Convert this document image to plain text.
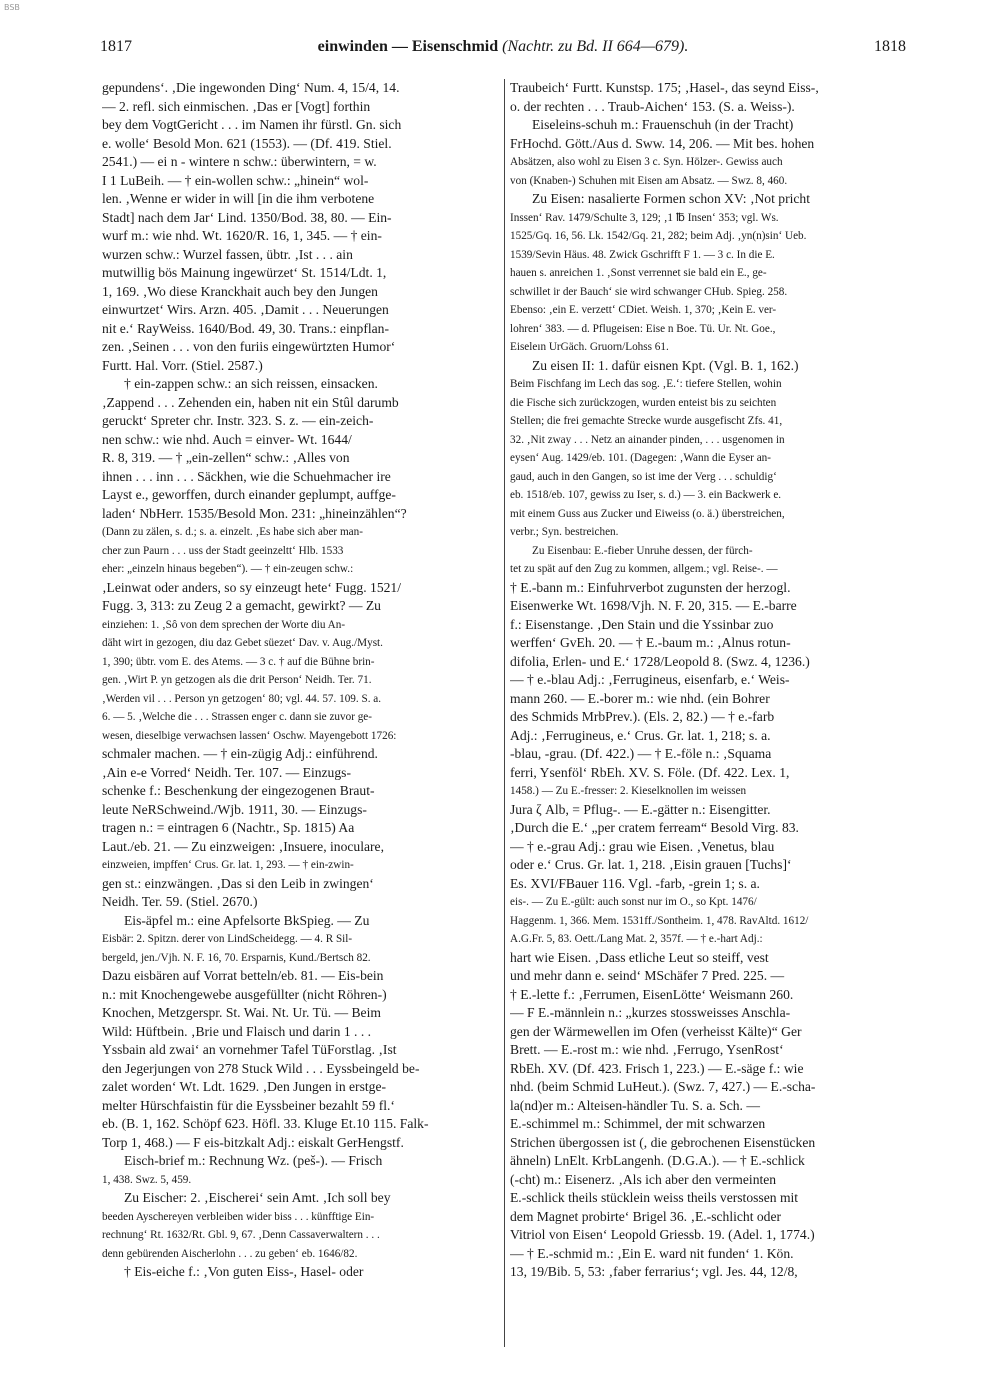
BSB
1817	einwinden — Eisenschmid (Nachtr. zu Bd. II 664—679).	1818
gepundens‘. ‚Die ingewonden Ding‘ Num. 4, 15/4, 14.
— 2. refl. sich einmischen. ‚Das er [Vogt] forthin
bey dem VogtGericht . . . im Namen ihr fürstl. Gn. sich
e. wolle‘ Besold Mon. 621 (1553). — (Df. 419. Stiel.
2541.) — ei n - wintere n schw.: überwintern, = w.
I 1 LuBeih. — † ein-wollen schw.: „hinein“ wol-
len. ‚Wenne er wider in will [in die ihm verbotene
Stadt] nach dem Jar‘ Lind. 1350/Bod. 38, 80. — Ein-
wurf m.: wie nhd. Wt. 1620/R. 16, 1, 345. — † ein-
wurzen schw.: Wurzel fassen, übtr. ‚Ist . . . ain
mutwillig bös Mainung ingewürzet‘ St. 1514/Ldt. 1,
1, 169. ‚Wo diese Kranckhait auch bey den Jungen
einwurtzet‘ Wirs. Arzn. 405. ‚Damit . . . Neuerungen
nit e.‘ RayWeiss. 1640/Bod. 49, 30. Trans.: einpflan-
zen. ‚Seinen . . . von den furiis eingewürtzten Humor‘
Furtt. Hal. Vorr. (Stiel. 2587.)
† ein-zappen schw.: an sich reissen, einsacken.
‚Zappend . . . Zehenden ein, haben nit ein Stûl darumb
geruckt‘ Spreter chr. Instr. 323. S. z. — ein-zeich-
nen schw.: wie nhd. Auch = einver- Wt. 1644/
R. 8, 319. — † „ein-zellen“ schw.: ‚Alles von
ihnen . . . inn . . . Säckhen, wie die Schuehmacher ire
Layst e., geworffen, durch einander geplumpt, auffge-
laden‘ NbHerr. 1535/Besold Mon. 231: „hineinzählen“?
(Dann zu zälen, s. d.; s. a. einzelt. ‚Es habe sich aber man-
cher zun Paurn . . . uss der Stadt geeinzeltt‘ Hlb. 1533
eher: „einzeln hinaus begeben“). — † ein-zeugen schw.:
‚Leinwat oder anders, so sy einzeugt hete‘ Fugg. 1521/
Fugg. 3, 313: zu Zeug 2 a gemacht, gewirkt? — Zu
einziehen: 1. ‚Sô von dem sprechen der Worte diu An-
däht wirt in gezogen, diu daz Gebet süezet‘ Dav. v. Aug./Myst.
1, 390; übtr. vom E. des Atems. — 3 c. † auf die Bühne brin-
gen. ‚Wirt P. yn getzogen als die drit Person‘ Neidh. Ter. 71.
‚Werden vil . . . Person yn getzogen‘ 80; vgl. 44. 57. 109. S. a.
6. — 5. ‚Welche die . . . Strassen enger c. dann sie zuvor ge-
wesen, dieselbige verwachsen lassen‘ Oschw. Mayengebott 1726:
schmaler machen. — † ein-zügig Adj.: einführend.
‚Ain e-e Vorred‘ Neidh. Ter. 107. — Einzugs-
schenke f.: Beschenkung der eingezogenen Braut-
leute NeRSchweind./Wjb. 1911, 30. — Einzugs-
tragen n.: = eintragen 6 (Nachtr., Sp. 1815) Aa
Laut./eb. 21. — Zu einzweigen: ‚Insuere, inoculare,
einzweien, impffen‘ Crus. Gr. lat. 1, 293. — † ein-zwin-
gen st.: einzwängen. ‚Das si den Leib in zwingen‘
Neidh. Ter. 59. (Stiel. 2670.)
Eis-äpfel m.: eine Apfelsorte BkSpieg. — Zu
Eisbär: 2. Spitzn. derer von LindScheidegg. — 4. R Sil-
bergeld, jen./Vjh. N. F. 16, 70. Ersparnis, Kund./Bertsch 82.
Dazu eisbären auf Vorrat betteln/eb. 81. — Eis-bein
n.: mit Knochengewebe ausgefüllter (nicht Röhren-)
Knochen, Metzgerspr. St. Wai. Nt. Ur. Tü. — Beim
Wild: Hüftbein. ‚Brie und Flaisch und darin 1 . . .
Yssbain ald zwai‘ an vornehmer Tafel TüForstlag. ‚Ist
den Jegerjungen von 278 Stuck Wild . . . Eyssbeingeld be-
zalet worden‘ Wt. Ldt. 1629. ‚Den Jungen in erstge-
melter Hürschfaistin für die Eyssbeiner bezahlt 59 fl.‘
eb. (B. 1, 162. Schöpf 623. Höfl. 33. Kluge Et.10 115. Falk-
Torp 1, 468.) — F eis-bitzkalt Adj.: eiskalt GerHengstf.
Eisch-brief m.: Rechnung Wz. (peš-). — Frisch
1, 438. Swz. 5, 459.
Zu Eischer: 2. ‚Eischerei‘ sein Amt. ‚Ich soll bey
beeden Ayschereyen verbleiben wider biss . . . künfftige Ein-
rechnung‘ Rt. 1632/Rt. Gbl. 9, 67. ‚Denn Cassaverwaltern . . .
denn gebürenden Aischerlohn . . . zu geben‘ eb. 1646/82.
† Eis-eiche f.: ‚Von guten Eiss-, Hasel- oder
Traubeich‘ Furtt. Kunstsp. 175; ‚Hasel-, das seynd Eiss-,
o. der rechten . . . Traub-Aichen‘ 153. (S. a. Weiss-).
Eiseleins-schuh m.: Frauenschuh (in der Tracht)
FrHochd. Gött./Aus d. Sww. 14, 206. — Mit bes. hohen
Absätzen, also wohl zu Eisen 3 c. Syn. Hölzer-. Gewiss auch
von (Knaben-) Schuhen mit Eisen am Absatz. — Swz. 8, 460.
Zu Eisen: nasalierte Formen schon XV: ‚Not pricht
Inssen‘ Rav. 1479/Schulte 3, 129; ‚1 ℔ Insen‘ 353; vgl. Ws.
1525/Gq. 16, 56. Lk. 1542/Gq. 21, 282; beim Adj. ‚yn(n)sin‘ Ueb.
1539/Sevin Häus. 48. Zwick Gschrifft F 1. — 3 c. In die E.
hauen s. anreichen 1. ‚Sonst verrennet sie bald ein E., ge-
schwillet ir der Bauch‘ sie wird schwanger CHub. Spieg. 258.
Ebenso: ‚ein E. verzett‘ CDiet. Weish. 1, 370; ‚Kein E. ver-
lohren‘ 383. — d. Pflugeisen: Eise n Boe. Tü. Ur. Nt. Goe.,
Eiseleın UrGäch. Gruorn/Lohss 61.
Zu eisen II: 1. dafür eisnen Kpt. (Vgl. B. 1, 162.)
Beim Fischfang im Lech das sog. ‚E.‘: tiefere Stellen, wohin
die Fische sich zurückzogen, wurden enteist bis zu seichten
Stellen; die frei gemachte Strecke wurde ausgefischt Zfs. 41,
32. ‚Nit zway . . . Netz an ainander pinden, . . . usgenomen in
eysen‘ Aug. 1429/eb. 101. (Dagegen: ‚Wann die Eyser an-
gaud, auch in den Gangen, so ist ime der Verg . . . schuldig‘
eb. 1518/eb. 107, gewiss zu Iser, s. d.) — 3. ein Backwerk e.
mit einem Guss aus Zucker und Eiweiss (o. ä.) überstreichen,
verbr.; Syn. bestreichen.
Zu Eisenbau: E.-fieber Unruhe dessen, der fürch-
tet zu spät auf den Zug zu kommen, allgem.; vgl. Reise-. —
† E.-bann m.: Einfuhrverbot zugunsten der herzogl.
Eisenwerke Wt. 1698/Vjh. N. F. 20, 315. — E.-barre
f.: Eisenstange. ‚Den Stain und die Yssinbar zuo
werffen‘ GvEh. 20. — † E.-baum m.: ‚Alnus rotun-
difolia, Erlen- und E.‘ 1728/Leopold 8. (Swz. 4, 1236.)
— † e.-blau Adj.: ‚Ferrugineus, eisenfarb, e.‘ Weis-
mann 260. — E.-borer m.: wie nhd. (ein Bohrer
des Schmids MrbPrev.). (Els. 2, 82.) — † e.-farb
Adj.: ‚Ferrugineus, e.‘ Crus. Gr. lat. 1, 218; s. a.
-blau, -grau. (Df. 422.) — † E.-föle n.: ‚Squama
ferri, Ysenföl‘ RbEh. XV. S. Föle. (Df. 422. Lex. 1,
1458.) — Zu E.-fresser: 2. Kieselknollen im weissen
Jura ζ Alb, = Pflug-. — E.-gätter n.: Eisengitter.
‚Durch die E.‘ „per cratem ferream“ Besold Virg. 83.
— † e.-grau Adj.: grau wie Eisen. ‚Venetus, blau
oder e.‘ Crus. Gr. lat. 1, 218. ‚Eisin grauen [Tuchs]‘
Es. XVI/FBauer 116. Vgl. -farb, -grein 1; s. a.
eis-. — Zu E.-gült: auch sonst nur im O., so Kpt. 1476/
Haggenm. 1, 366. Mem. 1531ff./Sontheim. 1, 478. RavAltd. 1612/
A.G.Fr. 5, 83. Oett./Lang Mat. 2, 357f. — † e.-hart Adj.:
hart wie Eisen. ‚Dass etliche Leut so steiff, vest
und mehr dann e. seind‘ MSchäfer 7 Pred. 225. —
† E.-lette f.: ‚Ferrumen, EisenLötte‘ Weismann 260.
— F E.-männlein n.: „kurzes stossweisses Anschla-
gen der Wärmewellen im Ofen (verheisst Kälte)“ Ger
Brett. — E.-rost m.: wie nhd. ‚Ferrugo, YsenRost‘
RbEh. XV. (Df. 423. Frisch 1, 223.) — E.-säge f.: wie
nhd. (beim Schmid LuHeut.). (Swz. 7, 427.) — E.-scha-
la(nd)er m.: Alteisen-händler Tu. S. a. Sch. —
E.-schimmel m.: Schimmel, der mit schwarzen
Strichen übergossen ist (, die gebrochenen Eisenstücken
ähneln) LnElt. KrbLangenh. (D.G.A.). — † E.-schlick
(-cht) m.: Eisenerz. ‚Als ich aber den vermeinten
E.-schlick theils stücklein weiss theils verstossen mit
dem Magnet probirte‘ Brigel 36. ‚E.-schlicht oder
Vitriol von Eisen‘ Leopold Griessb. 19. (Adel. 1, 1774.)
— † E.-schmid m.: ‚Ein E. ward nit funden‘ 1. Kön.
13, 19/Bib. 5, 53: ‚faber ferrarius‘; vgl. Jes. 44, 12/8,
